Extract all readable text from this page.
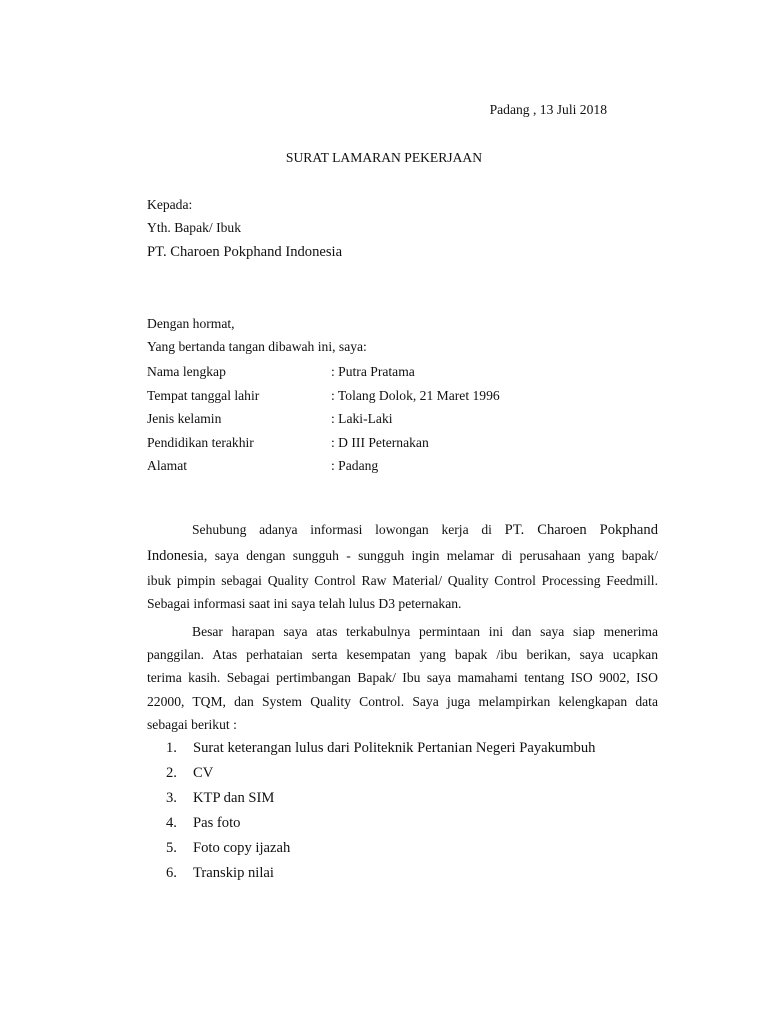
Padang , 13 Juli 2018
SURAT LAMARAN PEKERJAAN
Kepada:
Yth. Bapak/ Ibuk
PT. Charoen Pokphand Indonesia
Dengan hormat,
Yang bertanda tangan dibawah ini, saya:
Nama lengkap	: Putra Pratama
Tempat tanggal lahir	: Tolang Dolok, 21 Maret 1996
Jenis kelamin	: Laki-Laki
Pendidikan terakhir	: D III Peternakan
Alamat	: Padang
Sehubung adanya informasi lowongan kerja di PT. Charoen Pokphand
Indonesia, saya dengan sungguh - sungguh ingin melamar di perusahaan yang bapak/
ibuk pimpin sebagai Quality Control Raw Material/ Quality Control Processing Feedmill.
Sebagai informasi saat ini saya telah lulus D3 peternakan.
Besar harapan saya atas terkabulnya permintaan ini dan saya siap menerima
panggilan. Atas perhataian serta kesempatan yang bapak /ibu berikan, saya ucapkan
terima kasih. Sebagai pertimbangan Bapak/ Ibu saya mamahami tentang ISO 9002, ISO
22000, TQM, dan System Quality Control. Saya juga melampirkan kelengkapan data
sebagai berikut :
1.	Surat keterangan lulus dari Politeknik Pertanian Negeri Payakumbuh
2.	CV
3.	KTP dan SIM
4.	Pas foto
5.	Foto copy ijazah
6.	Transkip nilai
